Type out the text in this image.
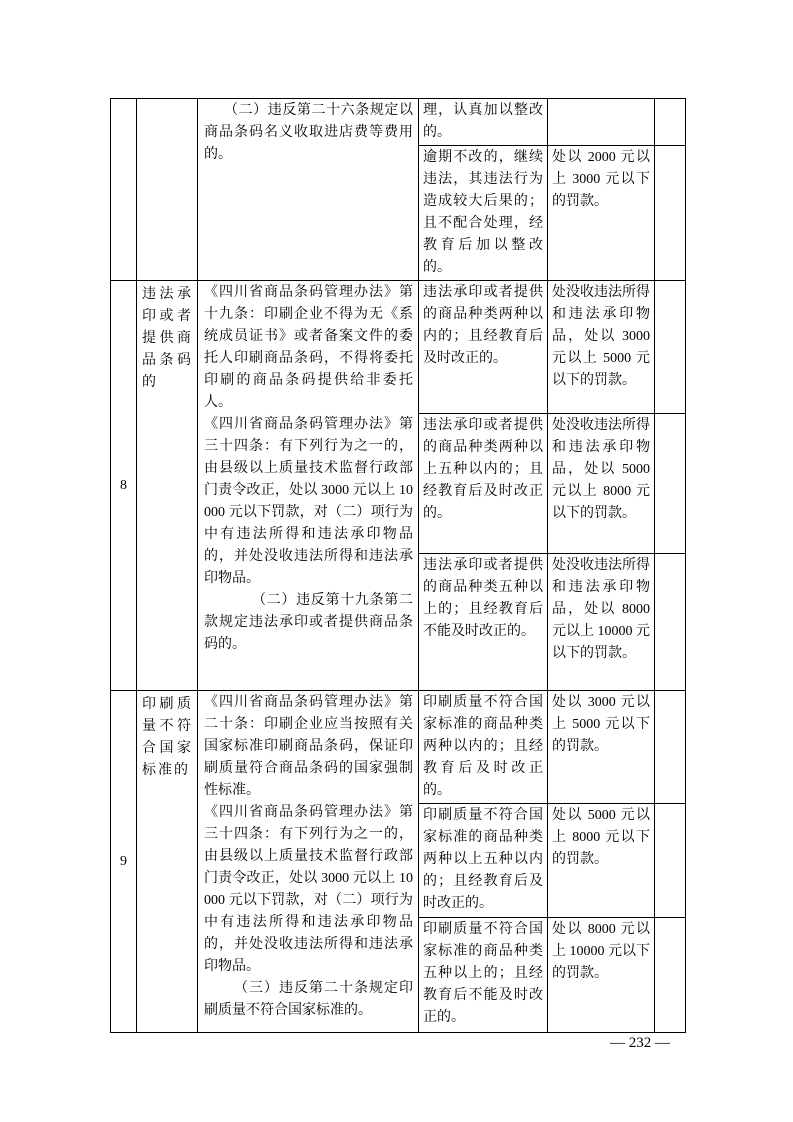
		（二）违反第二十六条规定以商品条码名义收取进店费等费用的。	理，认真加以整改的。		
			逾期不改的，继续违法，其违法行为造成较大后果的；且不配合处理，经教育后加以整改的。	处以 2000 元以上 3000 元以下的罚款。	
8	违法承印或者提供商品条码的	《四川省商品条码管理办法》第十九条：印刷企业不得为无《系统成员证书》或者备案文件的委托人印刷商品条码，不得将委托印刷的商品条码提供给非委托人。

《四川省商品条码管理办法》第三十四条：有下列行为之一的，由县级以上质量技术监督行政部门责令改正，处以 3000 元以上 10000 元以下罚款，对（二）项行为中有违法所得和违法承印物品的，并处没收违法所得和违法承印物品。

（二）违反第十九条第二款规定违法承印或者提供商品条码的。	违法承印或者提供的商品种类两种以内的；且经教育后及时改正的。	处没收违法所得和违法承印物品，处以 3000 元以上 5000 元以下的罚款。	
			违法承印或者提供的商品种类两种以上五种以内的；且经教育后及时改正的。	处没收违法所得和违法承印物品，处以 5000 元以上 8000 元以下的罚款。	
			违法承印或者提供的商品种类五种以上的；且经教育后不能及时改正的。	处没收违法所得和违法承印物品，处以 8000 元以上 10000 元以下的罚款。	
9	印刷质量不符合国家标准的	《四川省商品条码管理办法》第二十条：印刷企业应当按照有关国家标准印刷商品条码，保证印刷质量符合商品条码的国家强制性标准。

《四川省商品条码管理办法》第三十四条：有下列行为之一的，由县级以上质量技术监督行政部门责令改正，处以 3000 元以上 10000 元以下罚款，对（二）项行为中有违法所得和违法承印物品的，并处没收违法所得和违法承印物品。

（三）违反第二十条规定印刷质量不符合国家标准的。	印刷质量不符合国家标准的商品种类两种以内的；且经教育后及时改正的。	处以 3000 元以上 5000 元以下的罚款。	
			印刷质量不符合国家标准的商品种类两种以上五种以内的；且经教育后及时改正的。	处以 5000 元以上 8000 元以下的罚款。	
			印刷质量不符合国家标准的商品种类五种以上的；且经教育后不能及时改正的。	处以 8000 元以上 10000 元以下的罚款。	
— 232 —
